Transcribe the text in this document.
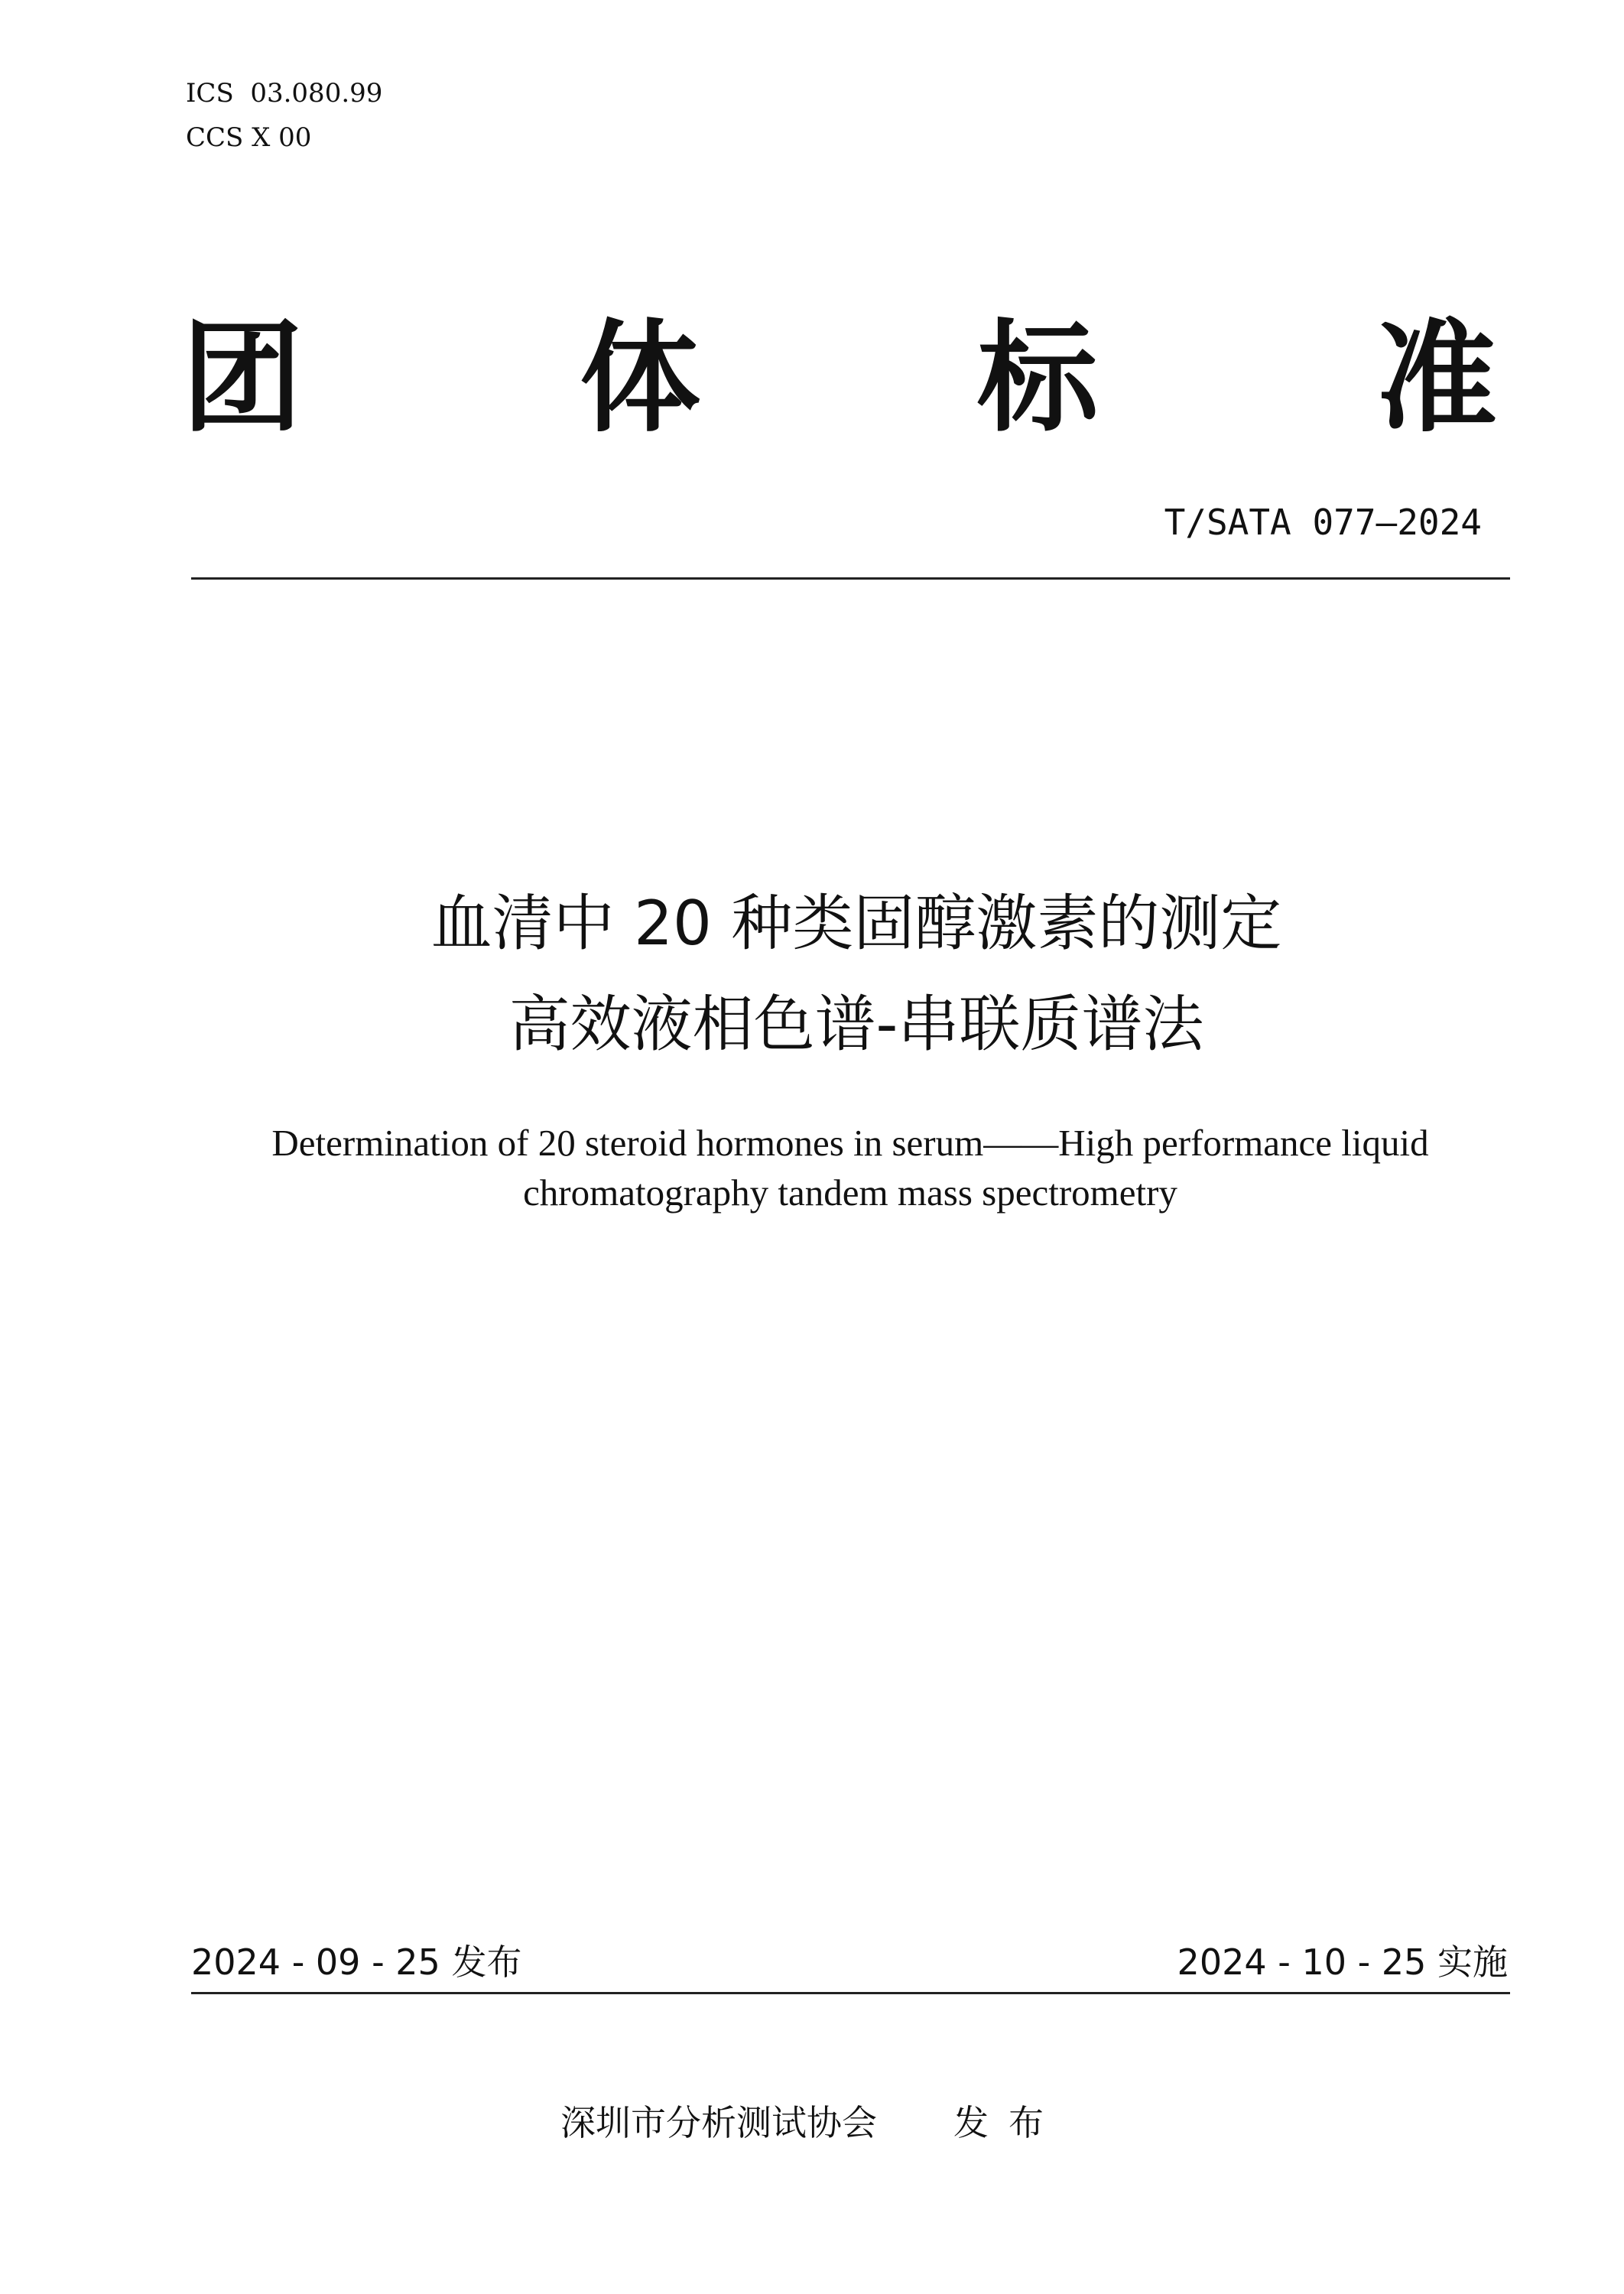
ICS  03.080.99
CCS X 00
团 体 标 准
T/SATA 077—2024
血清中 20 种类固醇激素的测定
高效液相色谱-串联质谱法
Determination of 20 steroid hormones in serum——High performance liquid
chromatography tandem mass spectrometry
2024 - 09 - 25 发布	2024 - 10 - 25 实施
深圳市分析测试协会 发布
